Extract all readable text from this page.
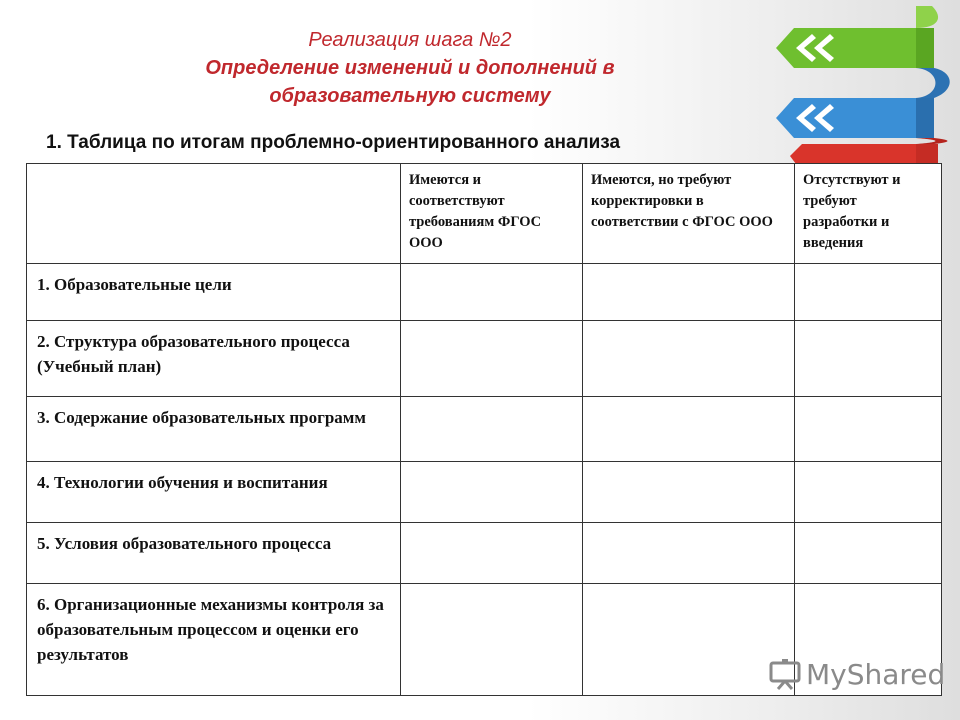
Реализация шага №2
Определение изменений и дополнений в
образовательную систему
1. Таблица по итогам проблемно-ориентированного анализа
	Имеются и соответствуют требованиям ФГОС ООО	Имеются, но требуют корректировки в соответствии с ФГОС ООО	Отсутствуют и требуют разработки и введения
1. Образовательные цели			
2. Структура образовательного процесса (Учебный план)			
3. Содержание образовательных программ			
4. Технологии обучения и воспитания			
5. Условия образовательного процесса			
6. Организационные механизмы контроля за образовательным процессом и оценки его результатов			
MyShared
